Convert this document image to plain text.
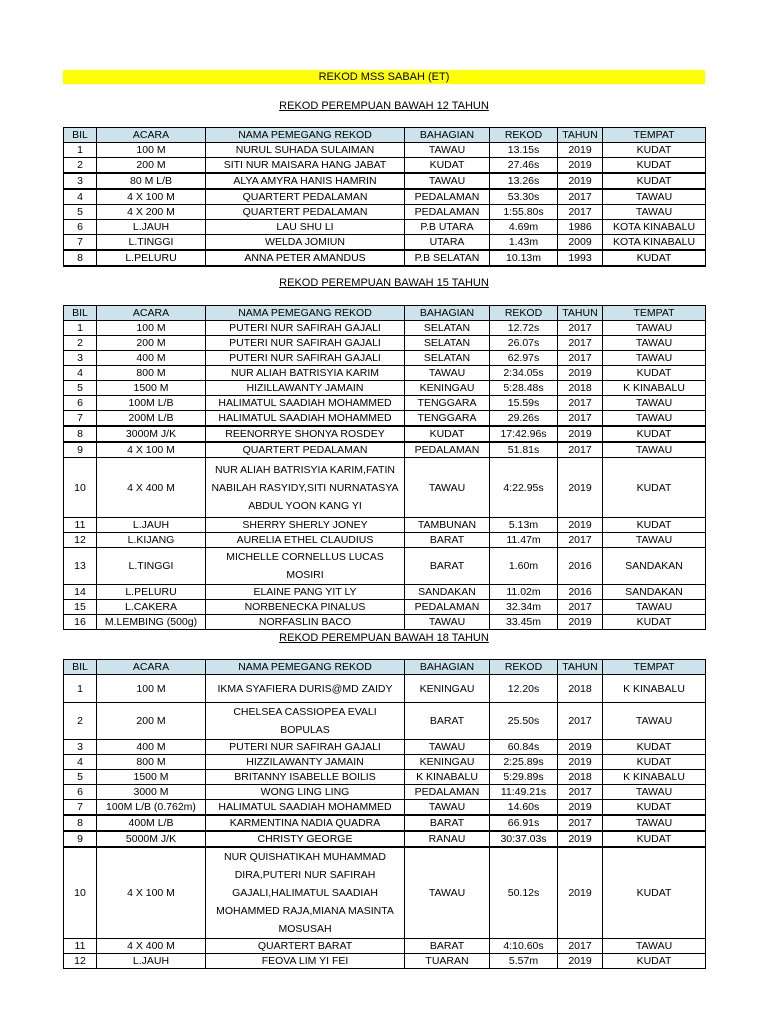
REKOD MSS SABAH (ET)
REKOD PEREMPUAN BAWAH 12 TAHUN
BIL	ACARA	NAMA PEMEGANG REKOD	BAHAGIAN	REKOD	TAHUN	TEMPAT
1	100 M	NURUL SUHADA SULAIMAN	TAWAU	13.15s	2019	KUDAT
2	200 M	SITI NUR MAISARA HANG JABAT	KUDAT	27.46s	2019	KUDAT
3	80 M L/B	ALYA AMYRA HANIS HAMRIN	TAWAU	13.26s	2019	KUDAT
4	4 X 100 M	QUARTERT PEDALAMAN	PEDALAMAN	53.30s	2017	TAWAU
5	4 X 200 M	QUARTERT PEDALAMAN	PEDALAMAN	1:55.80s	2017	TAWAU
6	L.JAUH	LAU SHU LI	P.B UTARA	4.69m	1986	KOTA KINABALU
7	L.TINGGI	WELDA JOMIUN	UTARA	1.43m	2009	KOTA KINABALU
8	L.PELURU	ANNA PETER AMANDUS	P.B SELATAN	10.13m	1993	KUDAT
REKOD PEREMPUAN BAWAH 15 TAHUN
BIL	ACARA	NAMA PEMEGANG REKOD	BAHAGIAN	REKOD	TAHUN	TEMPAT
1	100 M	PUTERI NUR SAFIRAH GAJALI	SELATAN	12.72s	2017	TAWAU
2	200 M	PUTERI NUR SAFIRAH GAJALI	SELATAN	26.07s	2017	TAWAU
3	400 M	PUTERI NUR SAFIRAH GAJALI	SELATAN	62.97s	2017	TAWAU
4	800 M	NUR ALIAH BATRISYIA KARIM	TAWAU	2:34.05s	2019	KUDAT
5	1500 M	HIZILLAWANTY JAMAIN	KENINGAU	5:28.48s	2018	K KINABALU
6	100M L/B	HALIMATUL SAADIAH MOHAMMED	TENGGARA	15.59s	2017	TAWAU
7	200M L/B	HALIMATUL SAADIAH MOHAMMED	TENGGARA	29.26s	2017	TAWAU
8	3000M J/K	REENORRYE SHONYA ROSDEY	KUDAT	17:42.96s	2019	KUDAT
9	4 X 100 M	QUARTERT PEDALAMAN	PEDALAMAN	51.81s	2017	TAWAU
10	4 X 400 M	NUR ALIAH BATRISYIA KARIM,FATIN NABILAH RASYIDY,SITI NURNATASYA ABDUL YOON KANG YI	TAWAU	4:22.95s	2019	KUDAT
11	L.JAUH	SHERRY SHERLY JONEY	TAMBUNAN	5.13m	2019	KUDAT
12	L.KIJANG	AURELIA ETHEL CLAUDIUS	BARAT	11.47m	2017	TAWAU
13	L.TINGGI	MICHELLE CORNELLUS LUCAS MOSIRI	BARAT	1.60m	2016	SANDAKAN
14	L.PELURU	ELAINE PANG YIT LY	SANDAKAN	11.02m	2016	SANDAKAN
15	L.CAKERA	NORBENECKA PINALUS	PEDALAMAN	32.34m	2017	TAWAU
16	M.LEMBING (500g)	NORFASLIN BACO	TAWAU	33.45m	2019	KUDAT
REKOD PEREMPUAN BAWAH 18 TAHUN
BIL	ACARA	NAMA PEMEGANG REKOD	BAHAGIAN	REKOD	TAHUN	TEMPAT
1	100 M	IKMA SYAFIERA DURIS@MD ZAIDY	KENINGAU	12.20s	2018	K KINABALU
2	200 M	CHELSEA CASSIOPEA EVALI BOPULAS	BARAT	25.50s	2017	TAWAU
3	400 M	PUTERI NUR SAFIRAH GAJALI	TAWAU	60.84s	2019	KUDAT
4	800 M	HIZZILAWANTY JAMAIN	KENINGAU	2:25.89s	2019	KUDAT
5	1500 M	BRITANNY ISABELLE BOILIS	K KINABALU	5:29.89s	2018	K KINABALU
6	3000 M	WONG LING LING	PEDALAMAN	11:49.21s	2017	TAWAU
7	100M L/B (0.762m)	HALIMATUL SAADIAH MOHAMMED	TAWAU	14.60s	2019	KUDAT
8	400M L/B	KARMENTINA NADIA QUADRA	BARAT	66.91s	2017	TAWAU
9	5000M J/K	CHRISTY GEORGE	RANAU	30:37.03s	2019	KUDAT
10	4 X 100 M	NUR QUISHATIKAH MUHAMMAD DIRA,PUTERI NUR SAFIRAH GAJALI,HALIMATUL SAADIAH MOHAMMED RAJA,MIANA MASINTA MOSUSAH	TAWAU	50.12s	2019	KUDAT
11	4 X 400 M	QUARTERT BARAT	BARAT	4:10.60s	2017	TAWAU
12	L.JAUH	FEOVA LIM YI FEI	TUARAN	5.57m	2019	KUDAT
